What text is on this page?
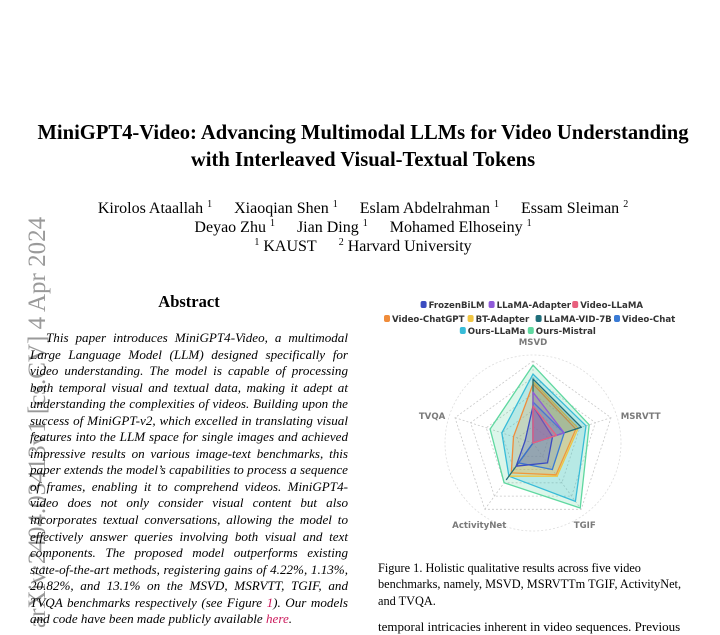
arXiv:2404.03413v1 [cs.CV] 4 Apr 2024
MiniGPT4-Video: Advancing Multimodal LLMs for Video Understanding with Interleaved Visual-Textual Tokens
Kirolos Ataallah $^1$ Xiaoqian Shen $^1$ Eslam Abdelrahman $^1$ Essam Sleiman $^2$
Deyao Zhu $^1$ Jian Ding $^1$ Mohamed Elhoseiny $^1$
$^1$ KAUST $^2$ Harvard University
Abstract

This paper introduces MiniGPT4-Video, a multimodal Large Language Model (LLM) designed specifically for video understanding. The model is capable of processing both temporal visual and textual data, making it adept at understanding the complexities of videos. Building upon the success of MiniGPT-v2, which excelled in translating visual features into the LLM space for single images and achieved impressive results on various image-text benchmarks, this paper extends the model’s capabilities to process a sequence of frames, enabling it to comprehend videos. MiniGPT4-video does not only consider visual content but also incorporates textual conversations, allowing the model to effectively answer queries involving both visual and text components. The proposed model outperforms existing state-of-the-art methods, registering gains of 4.22%, 1.13%, 20.82%, and 13.1% on the MSVD, MSRVTT, TGIF, and TVQA benchmarks respectively (see Figure 1). Our models and code have been made publicly available here.

FrozenBiLM LLaMA-Adapter Video-LLaMA
Video-ChatGPT BT-Adapter LLaMA-VID-7B Video-Chat
Ours-LLaMa Ours-Mistral
MSVD
MSRVTT
TGIF
ActivityNet
TVQA
Figure 1. Holistic qualitative results across five video benchmarks, namely, MSVD, MSRVTTm TGIF, ActivityNet, and TVQA.
temporal intricacies inherent in video sequences. Previous
